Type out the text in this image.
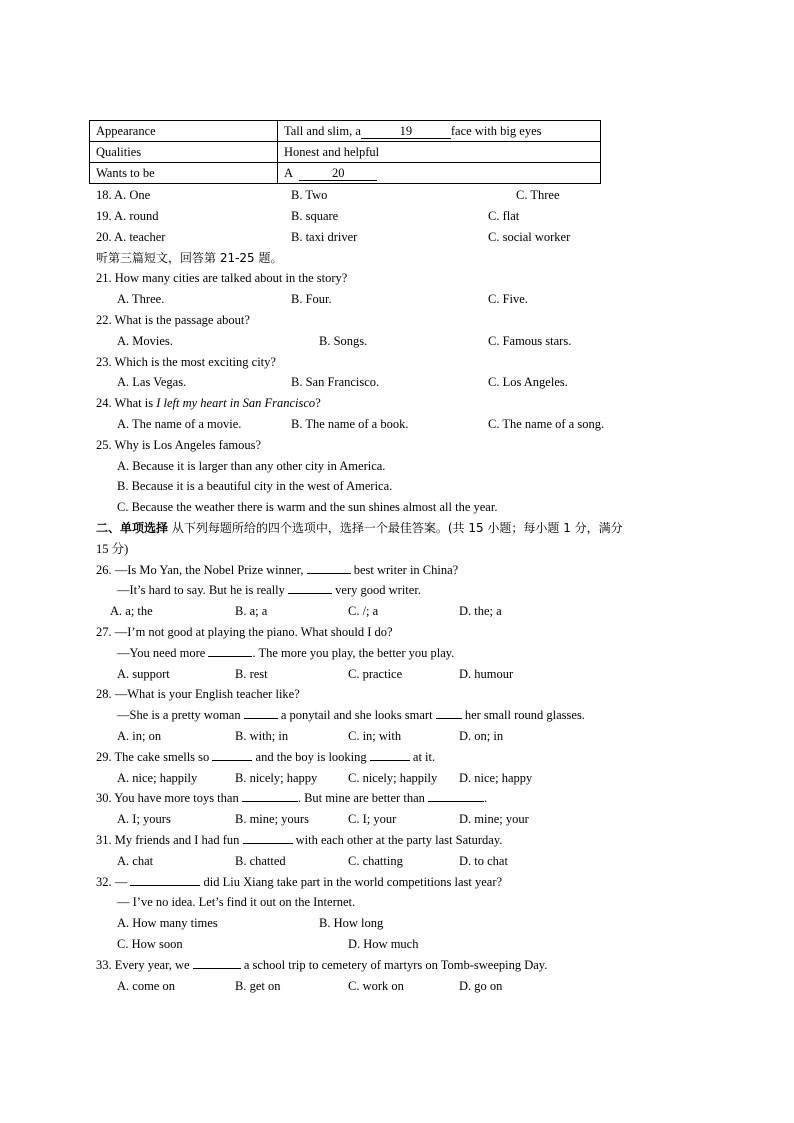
Appearance	Tall and slim, a 19 face with big eyes
Qualities	Honest and helpful
Wants to be	A 20
18. A. One	B. Two	C. Three
19. A. round	B. square	C. flat
20. A. teacher	B. taxi driver	C. social worker
听第三篇短文，回答第 21-25 题。
21. How many cities are talked about in the story?
A. Three.	B. Four.	C. Five.
22. What is the passage about?
A. Movies.	B. Songs.	C. Famous stars.
23. Which is the most exciting city?
A. Las Vegas.	B. San Francisco.	C. Los Angeles.
24. What is I left my heart in San Francisco?
A. The name of a movie.	B. The name of a book.	C. The name of a song.
25. Why is Los Angeles famous?
A. Because it is larger than any other city in America.
B. Because it is a beautiful city in the west of America.
C. Because the weather there is warm and the sun shines almost all the year.
二、单项选择 从下列每题所给的四个选项中，选择一个最佳答案。(共 15 小题；每小题 1 分，满分
15 分)
26. —Is Mo Yan, the Nobel Prize winner,	best writer in China?
—It’s hard to say. But he is really	very good writer.
A. a; the	B. a; a	C. /; a	D. the; a
27. —I’m not good at playing the piano. What should I do?
—You need more	. The more you play, the better you play.
A. support	B. rest	C. practice	D. humour
28. —What is your English teacher like?
—She is a pretty woman	a ponytail and she looks smart  her small round glasses.
A. in; on	B. with; in	C. in; with	D. on; in
29. The cake smells so	and the boy is looking	at it.
A. nice; happily	B. nicely; happy C. nicely; happily D. nice; happy
30. You have more toys than	. But mine are better than	.
A. I; yours	B. mine; yours	C. I; your	D. mine; your
31. My friends and I had fun	with each other at the party last Saturday.
A. chat	B. chatted	C. chatting	D. to chat
32. —	did Liu Xiang take part in the world competitions last year?
— I’ve no idea. Let’s find it out on the Internet.
A. How many times	B. How long
C. How soon	D. How much
33. Every year, we	a school trip to cemetery of martyrs on Tomb-sweeping Day.
A. come on	B. get on	C. work on	D. go on
